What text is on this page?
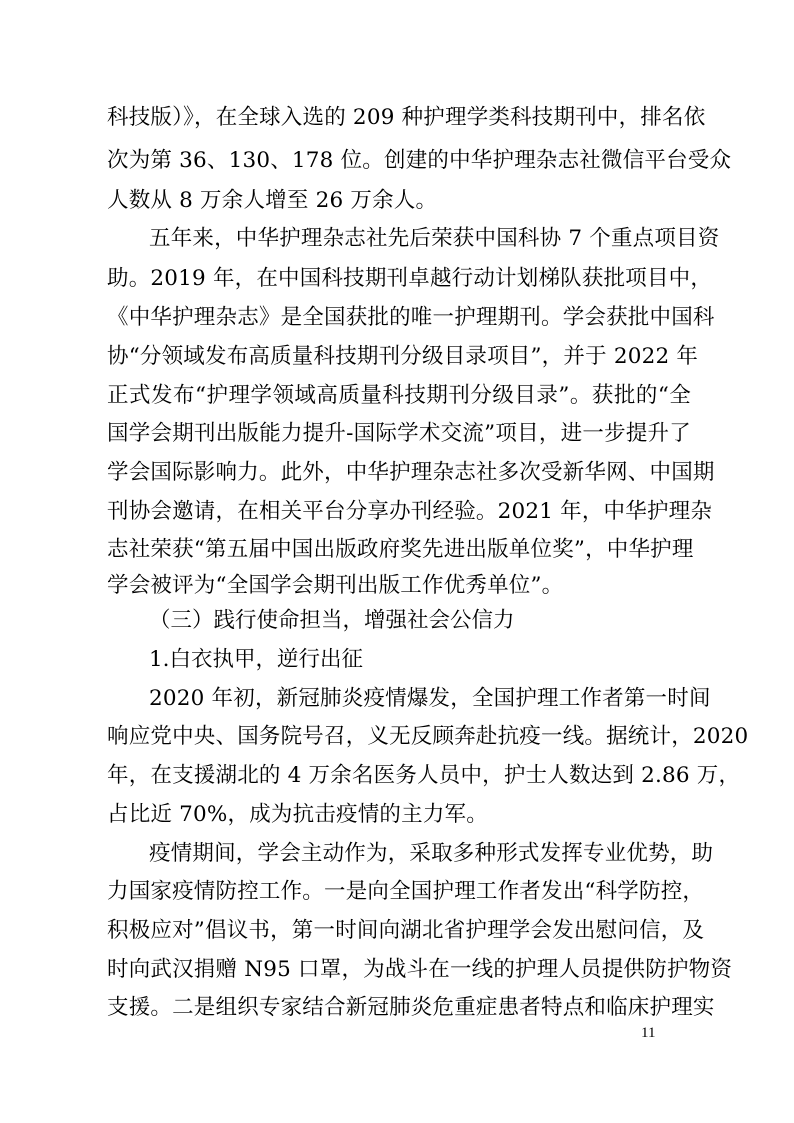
科技版）》，在全球入选的 209 种护理学类科技期刊中，排名依
次为第 36、130、178 位。创建的中华护理杂志社微信平台受众
人数从 8 万余人增至 26 万余人。
五年来，中华护理杂志社先后荣获中国科协 7 个重点项目资
助。2019 年，在中国科技期刊卓越行动计划梯队获批项目中，
《中华护理杂志》是全国获批的唯一护理期刊。学会获批中国科
协“分领域发布高质量科技期刊分级目录项目”，并于 2022 年
正式发布“护理学领域高质量科技期刊分级目录”。获批的“全
国学会期刊出版能力提升-国际学术交流”项目，进一步提升了
学会国际影响力。此外，中华护理杂志社多次受新华网、中国期
刊协会邀请，在相关平台分享办刊经验。2021 年，中华护理杂
志社荣获“第五届中国出版政府奖先进出版单位奖”，中华护理
学会被评为“全国学会期刊出版工作优秀单位”。
（三）践行使命担当，增强社会公信力
1.白衣执甲，逆行出征
2020 年初，新冠肺炎疫情爆发，全国护理工作者第一时间
响应党中央、国务院号召，义无反顾奔赴抗疫一线。据统计，2020
年，在支援湖北的 4 万余名医务人员中，护士人数达到 2.86 万，
占比近 70%，成为抗击疫情的主力军。
疫情期间，学会主动作为，采取多种形式发挥专业优势，助
力国家疫情防控工作。一是向全国护理工作者发出“科学防控，
积极应对”倡议书，第一时间向湖北省护理学会发出慰问信，及
时向武汉捐赠 N95 口罩，为战斗在一线的护理人员提供防护物资
支援。二是组织专家结合新冠肺炎危重症患者特点和临床护理实
11
